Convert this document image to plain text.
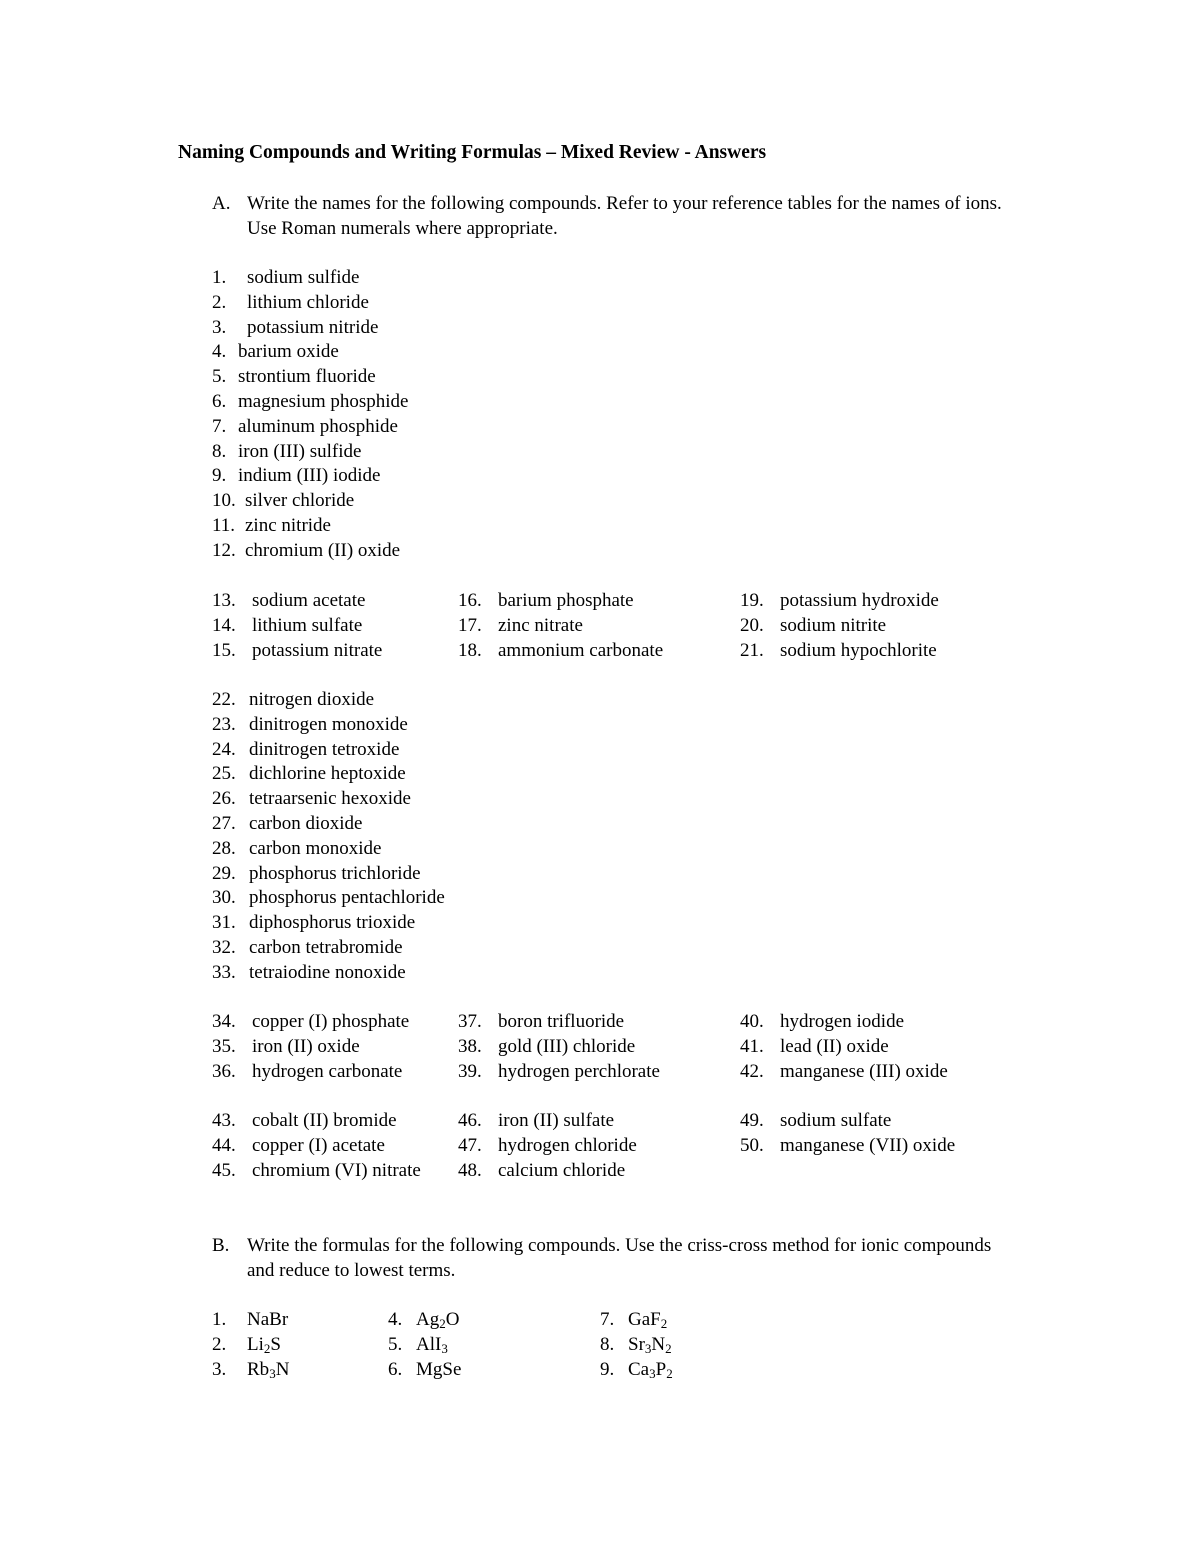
Naming Compounds and Writing Formulas – Mixed Review - Answers
A. Write the names for the following compounds. Refer to your reference tables for the names of ions. Use Roman numerals where appropriate.
1. sodium sulfide
2. lithium chloride
3. potassium nitride
4. barium oxide
5. strontium fluoride
6. magnesium phosphide
7. aluminum phosphide
8. iron (III) sulfide
9. indium (III) iodide
10. silver chloride
11. zinc nitride
12. chromium (II) oxide
13. sodium acetate
14. lithium sulfate
15. potassium nitrate
16. barium phosphate
17. zinc nitrate
18. ammonium carbonate
19. potassium hydroxide
20. sodium nitrite
21. sodium hypochlorite
22. nitrogen dioxide
23. dinitrogen monoxide
24. dinitrogen tetroxide
25. dichlorine heptoxide
26. tetraarsenic hexoxide
27. carbon dioxide
28. carbon monoxide
29. phosphorus trichloride
30. phosphorus pentachloride
31. diphosphorus trioxide
32. carbon tetrabromide
33. tetraiodine nonoxide
34. copper (I) phosphate
35. iron (II) oxide
36. hydrogen carbonate
37. boron trifluoride
38. gold (III) chloride
39. hydrogen perchlorate
40. hydrogen iodide
41. lead (II) oxide
42. manganese (III) oxide
43. cobalt (II) bromide
44. copper (I) acetate
45. chromium (VI) nitrate
46. iron (II) sulfate
47. hydrogen chloride
48. calcium chloride
49. sodium sulfate
50. manganese (VII) oxide
B. Write the formulas for the following compounds. Use the criss-cross method for ionic compounds and reduce to lowest terms.
1. NaBr
2. $Li_2S$
3. $Rb_3N$
4. $Ag_2O$
5. AlI$_3$
6. MgSe
7. GaF$_2$
8. $Sr_3N_2$
9. $Ca_3P_2$
